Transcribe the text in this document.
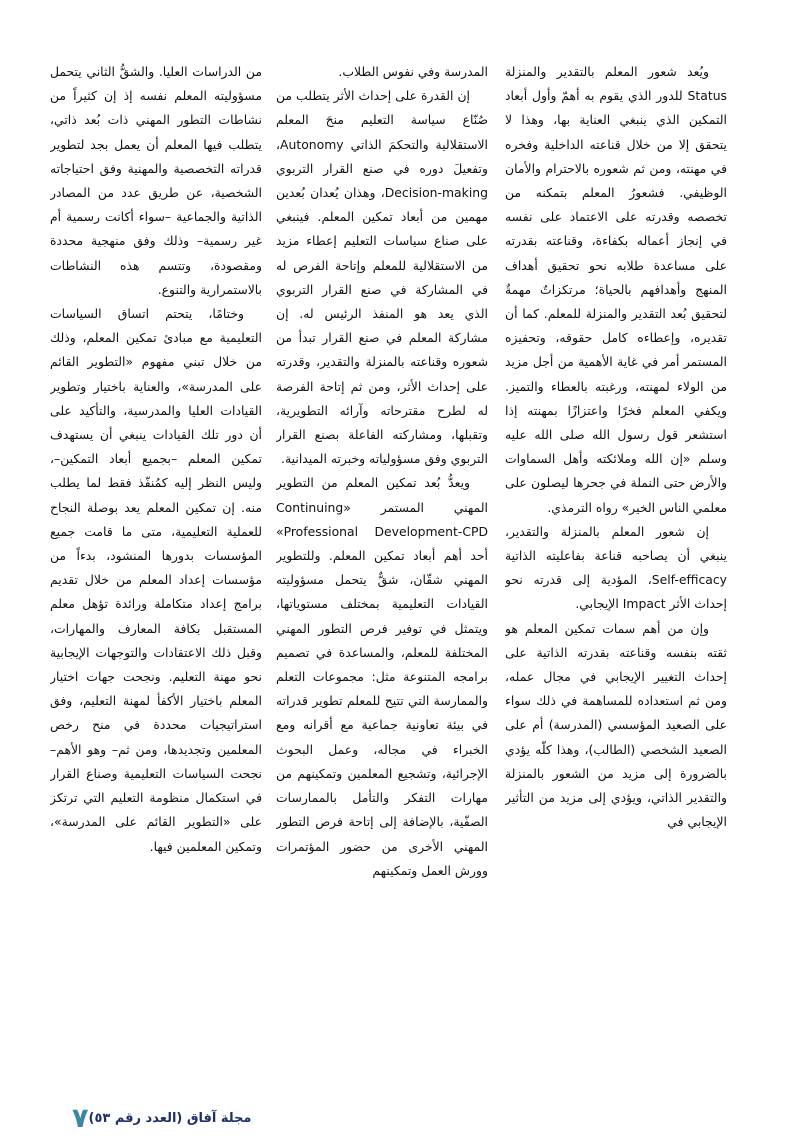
ويُعد شعور المعلم بالتقدير والمنزلة Status للدور الذي يقوم به أهمّ وأول أبعاد التمكين الذي ينبغي العناية بها، وهذا لا يتحقق إلا من خلال قناعته الداخلية وفخره في مهنته، ومن ثم شعوره بالاحترام والأمان الوظيفي. فشعورُ المعلم بتمكنه من تخصصه وقدرته على الاعتماد على نفسه في إنجاز أعماله بكفاءة، وقناعته بقدرته على مساعدة طلابه نحو تحقيق أهداف المنهج وأهدافهم بالحياة؛ مرتكزاتٌ مهمةٌ لتحقيق بُعد التقدير والمنزلة للمعلم. كما أن تقديره، وإعطاءه كامل حقوقه، وتحفيزه المستمر أمر في غاية الأهمية من أجل مزيد من الولاء لمهنته، ورغبته بالعطاء والتميز. ويكفي المعلم فخرًا واعتزازًا بمهنته إذا استشعر قول رسول الله صلى الله عليه وسلم «إن الله وملائكته وأهل السماوات والأرض حتى النملة في جحرها ليصلون على معلمي الناس الخير» رواه الترمذي.

إن شعور المعلم بالمنزلة والتقدير، ينبغي أن يصاحبه قناعة بفاعليته الذاتية Self-efficacy، المؤدية إلى قدرته نحو إحداث الأثر Impact الإيجابي.

وإن من أهم سمات تمكين المعلم هو ثقته بنفسه وقناعته بقدرته الذاتية على إحداث التغيير الإيجابي في مجال عمله، ومن ثم استعداده للمساهمة في ذلك سواء على الصعيد المؤسسي (المدرسة) أم على الصعيد الشخصي (الطالب)، وهذا كلّه يؤدي بالضرورة إلى مزيد من الشعور بالمنزلة والتقدير الذاتي، ويؤدي إلى مزيد من التأثير الإيجابي في

المدرسة وفي نفوس الطلاب.

إن القدرة على إحداث الأثر يتطلب من صُنّاع سياسة التعليم منحَ المعلم الاستقلالية والتحكمَ الذاتي Autonomy، وتفعيلَ دوره في صنع القرار التربوي Decision-making، وهذان يُعدان بُعدين مهمين من أبعاد تمكين المعلم. فينبغي على صناع سياسات التعليم إعطاء مزيد من الاستقلالية للمعلم وإتاحة الفرص له في المشاركة في صنع القرار التربوي الذي يعد هو المنفذ الرئيس له. إن مشاركة المعلم في صنع القرار تبدأ من شعوره وقناعته بالمنزلة والتقدير، وقدرته على إحداث الأثر، ومن ثم إتاحة الفرصة له لطرح مقترحاته وآرائه التطويرية، وتقبلها، ومشاركته الفاعلة بصنع القرار التربوي وفق مسؤولياته وخبرته الميدانية.

ويعدُّ بُعد تمكين المعلم من التطوير المهني المستمر «Continuing Professional Development-CPD» أحد أهم أبعاد تمكين المعلم. وللتطوير المهني شقّان، شقٌّ يتحمل مسؤوليته القيادات التعليمية بمختلف مستوياتها، ويتمثل في توفير فرص التطور المهني المختلفة للمعلم، والمساعدة في تصميم برامجه المتنوعة مثل: مجموعات التعلم والممارسة التي تتيح للمعلم تطوير قدراته في بيئة تعاونية جماعية مع أقرانه ومع الخبراء في مجاله، وعمل البحوث الإجرائية، وتشجيع المعلمين وتمكينهم من مهارات التفكر والتأمل بالممارسات الصفّية، بالإضافة إلى إتاحة فرص التطور المهني الأخرى من حضور المؤتمرات وورش العمل وتمكينهم

من الدراسات العليا. والشقُّ الثاني يتحمل مسؤوليته المعلم نفسه إذ إن كثيراً من نشاطات التطور المهني ذات بُعد ذاتي، يتطلب فيها المعلم أن يعمل بجد لتطوير قدراته التخصصية والمهنية وفق احتياجاته الشخصية، عن طريق عدد من المصادر الذاتية والجماعية –سواء أكانت رسمية أم غير رسمية– وذلك وفق منهجية محددة ومقصودة، وتتسم هذه النشاطات بالاستمرارية والتنوع.

وختامًا، يتحتم اتساق السياسات التعليمية مع مبادئ تمكين المعلم، وذلك من خلال تبني مفهوم «التطوير القائم على المدرسة»، والعناية باختيار وتطوير القيادات العليا والمدرسية، والتأكيد على أن دور تلك القيادات ينبغي أن يستهدف تمكين المعلم –بجميع أبعاد التمكين–، وليس النظر إليه كمُنفّذ فقط لما يطلب منه. إن تمكين المعلم يعد بوصلة النجاح للعملية التعليمية، متى ما قامت جميع المؤسسات بدورها المنشود، بدءاً من مؤسسات إعداد المعلم من خلال تقديم برامج إعداد متكاملة ورائدة تؤهل معلم المستقبل بكافة المعارف والمهارات، وقبل ذلك الاعتقادات والتوجهات الإيجابية نحو مهنة التعليم. ونجحت جهات اختيار المعلم باختيار الأكفأ لمهنة التعليم، وفق استراتيجيات محددة في منح رخص المعلمين وتجديدها، ومن ثم– وهو الأهم– نجحت السياسات التعليمية وصناع القرار في استكمال منظومة التعليم التي ترتكز على «التطوير القائم على المدرسة»، وتمكين المعلمين فيها.

مجلة آفاق (العدد رقم ٥٣)
٧
